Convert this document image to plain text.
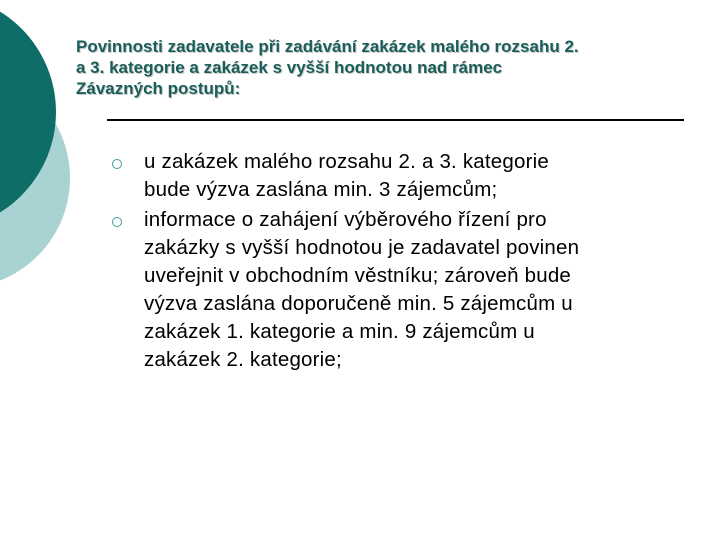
Povinnosti zadavatele při zadávání zakázek malého rozsahu 2.
a 3. kategorie a zakázek s vyšší hodnotou nad rámec
Závazných postupů:
u zakázek malého rozsahu 2. a 3. kategorie
bude výzva zaslána min. 3 zájemcům;
informace o zahájení výběrového řízení pro
zakázky s vyšší hodnotou je zadavatel povinen
uveřejnit v obchodním věstníku; zároveň bude
výzva zaslána doporučeně min. 5 zájemcům u
zakázek 1. kategorie a min. 9 zájemcům u
zakázek 2. kategorie;
